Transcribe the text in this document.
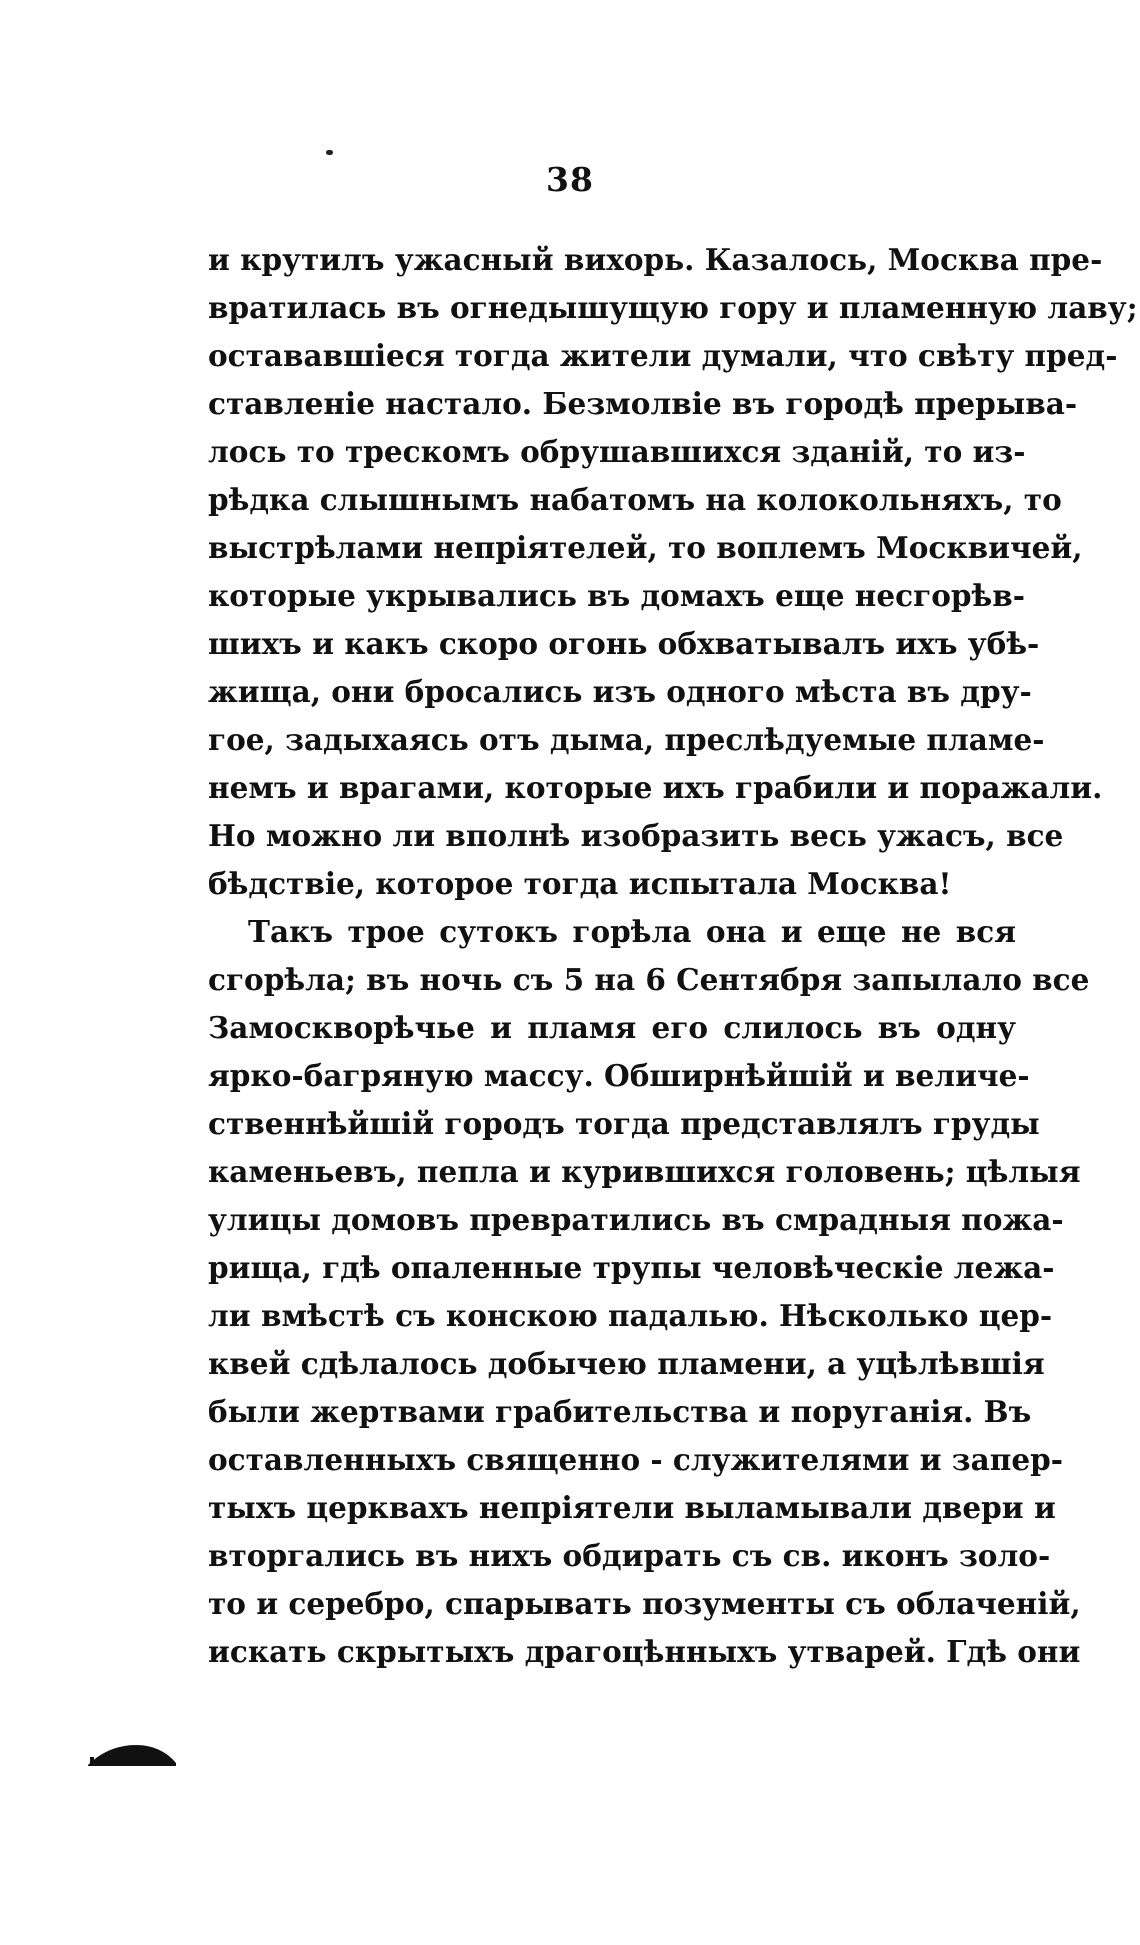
38
и крутилъ ужасный вихорь. Казалось, Москва пре-
вратилась въ огнедышущую гору и пламенную лаву;
остававшіеся тогда жители думали, что свѣту пред-
ставленіе настало. Безмолвіе въ городѣ прерыва-
лось то трескомъ обрушавшихся зданій, то из-
рѣдка слышнымъ набатомъ на колокольняхъ, то
выстрѣлами непріятелей, то воплемъ Москвичей,
которые укрывались въ домахъ еще несгорѣв-
шихъ и какъ скоро огонь обхватывалъ ихъ убѣ-
жища, они бросались изъ одного мѣста въ дру-
гое, задыхаясь отъ дыма, преслѣдуемые пламе-
немъ и врагами, которые ихъ грабили и поражали.
Но можно ли вполнѣ изобразить весь ужасъ, все
бѣдствіе, которое тогда испытала Москва!
Такъ трое сутокъ горѣла она и еще не вся
сгорѣла; въ ночь съ 5 на 6 Сентября запылало все
Замоскворѣчье и пламя его слилось въ одну
ярко-багряную массу. Обширнѣйшій и величе-
ственнѣйшій городъ тогда представлялъ груды
каменьевъ, пепла и курившихся головень; цѣлыя
улицы домовъ превратились въ смрадныя пожа-
рища, гдѣ опаленные трупы человѣческіе лежа-
ли вмѣстѣ съ конскою падалью. Нѣсколько цер-
квей сдѣлалось добычею пламени, а уцѣлѣвшія
были жертвами грабительства и поруганія. Въ
оставленныхъ священно - служителями и запер-
тыхъ церквахъ непріятели выламывали двери и
вторгались въ нихъ обдирать съ св. иконъ золо-
то и серебро, спарывать позументы съ облаченій,
искать скрытыхъ драгоцѣнныхъ утварей. Гдѣ они
